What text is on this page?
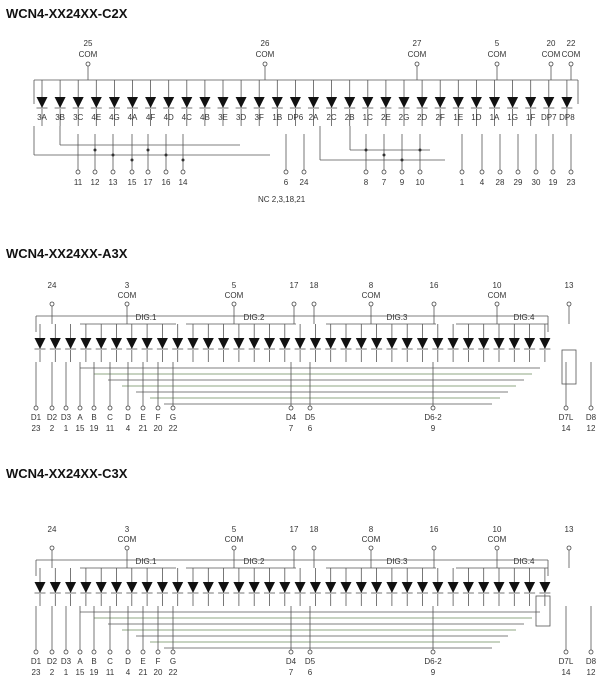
WCN4-XX24XX-C2X
WCN4-XX24XX-A3X
WCN4-XX24XX-C3X
3A 3B 3C 4E 4G 4A 4F 4D 4C 4B 3E 3D 3F 1B DP6 2A 2C 2B 1C 2E 2G 2D 2F 1E 1D 1A 1G 1F DP7 DP8
25
COM
26
COM
27
COM
5
COM
20
COM
22
COM
11 12 13 15 17 16 14	6 24	8 7 9 10	1 4 28 29 30 19 23
24	3
COM
5
COM
17 18	8
COM
16	10
COM
13
DIG.1	DIG.2	DIG.3	DIG.4
D1
23
D2
2
D3
1
A
15
B
19
C
11
D
4
E
21
F
20
G
22
D4
7
D5
6
D6-2
9
D7L
14
D8
12
24	3
COM
5
COM
17 18	8
COM
16	10
COM
13
DIG.1	DIG.2	DIG.3	DIG.4
D1
23
D2
2
D3
1
A
15
B
19
C
11
D
4
E
21
F
20
G
22
D4
7
D5
6
D6-2
9
D7L
14
D8
12
NC 2,3,18,21
